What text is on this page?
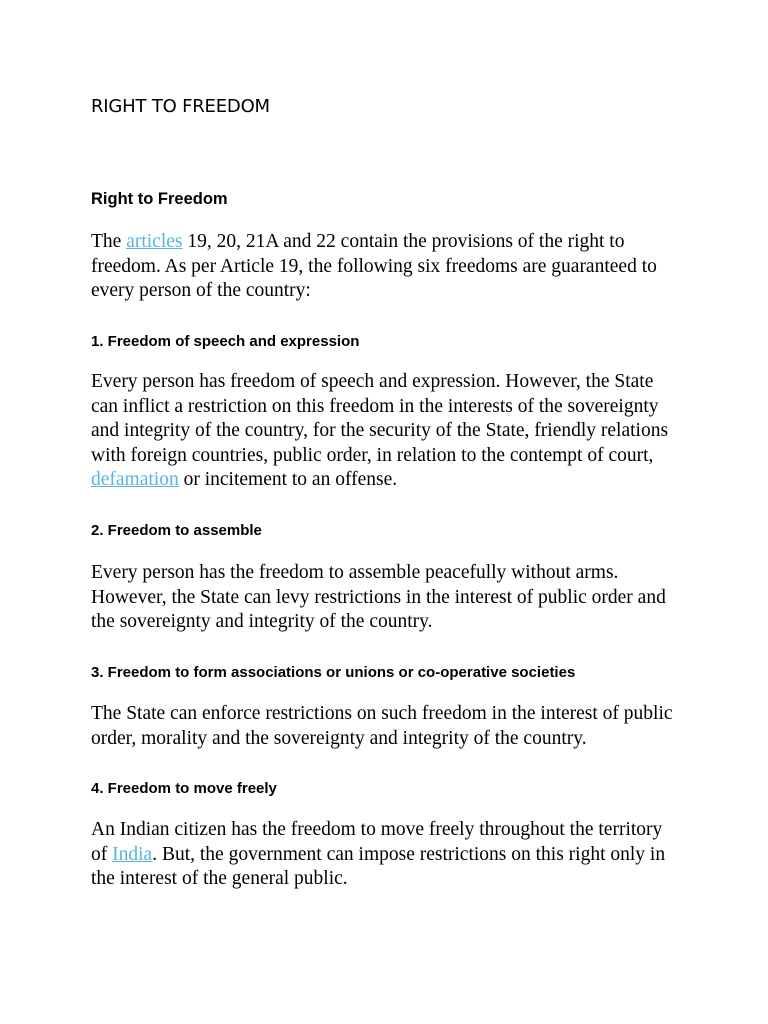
RIGHT TO FREEDOM
Right to Freedom

The articles 19, 20, 21A and 22 contain the provisions of the right to freedom. As per Article 19, the following six freedoms are guaranteed to every person of the country:

1. Freedom of speech and expression

Every person has freedom of speech and expression. However, the State can inflict a restriction on this freedom in the interests of the sovereignty and integrity of the country, for the security of the State, friendly relations with foreign countries, public order, in relation to the contempt of court, defamation or incitement to an offense.

2. Freedom to assemble

Every person has the freedom to assemble peacefully without arms. However, the State can levy restrictions in the interest of public order and the sovereignty and integrity of the country.

3. Freedom to form associations or unions or co-operative societies

The State can enforce restrictions on such freedom in the interest of public order, morality and the sovereignty and integrity of the country.

4. Freedom to move freely

An Indian citizen has the freedom to move freely throughout the territory of India. But, the government can impose restrictions on this right only in the interest of the general public.
